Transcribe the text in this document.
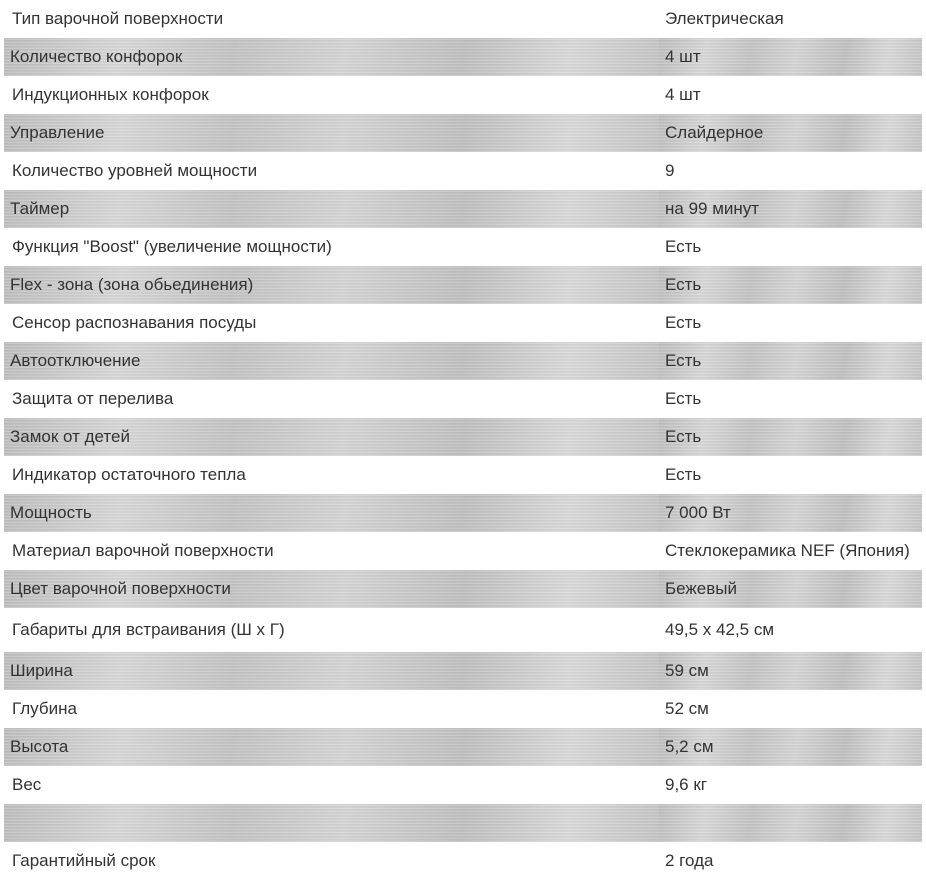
Тип варочной поверхности	Электрическая
Количество конфорок	4 шт
Индукционных конфорок	4 шт
Управление	Слайдерное
Количество уровней мощности	9
Таймер	на 99 минут
Функция "Boost" (увеличение мощности)	Есть
Flex - зона (зона обьединения)	Есть
Сенсор распознавания посуды	Есть
Автоотключение	Есть
Защита от перелива	Есть
Замок от детей	Есть
Индикатор остаточного тепла	Есть
Мощность	7 000 Вт
Материал варочной поверхности	Стеклокерамика NEF (Япония)
Цвет варочной поверхности	Бежевый
Габариты для встраивания (Ш х Г)	49,5 х 42,5 см
Ширина	59 см
Глубина	52 см
Высота	5,2 см
Вес	9,6 кг

Гарантийный срок	2 года
